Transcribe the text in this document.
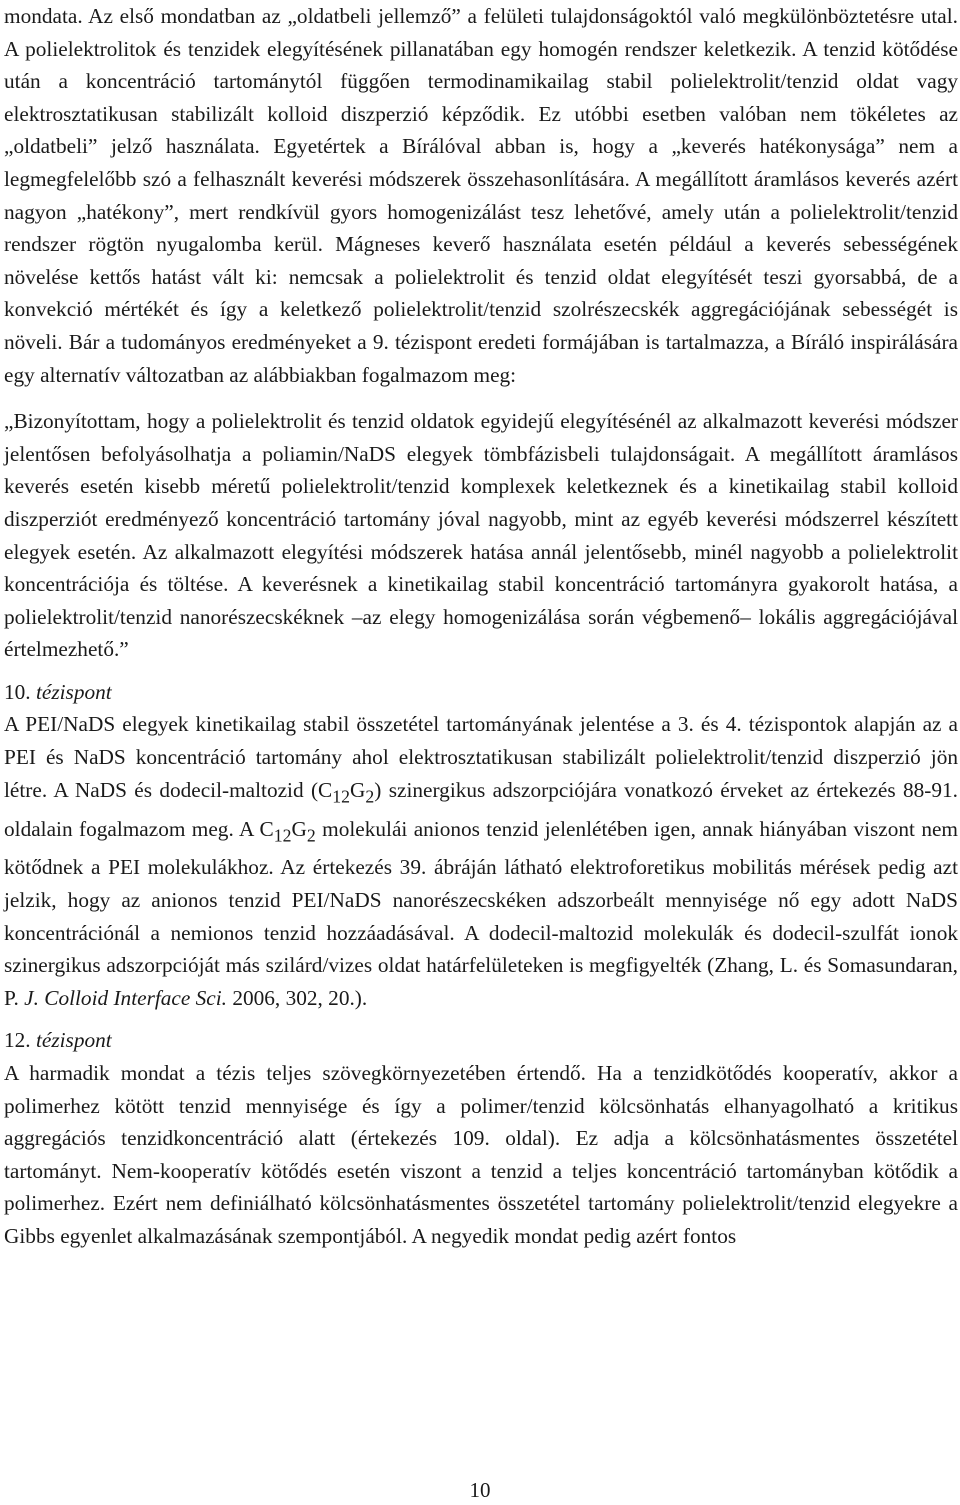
mondata. Az első mondatban az „oldatbeli jellemző” a felületi tulajdonságoktól való megkülönböztetésre utal. A polielektrolitok és tenzidek elegyítésének pillanatában egy homogén rendszer keletkezik. A tenzid kötődése után a koncentráció tartománytól függően termodinamikailag stabil polielektrolit/tenzid oldat vagy elektrosztatikusan stabilizált kolloid diszperzió képződik. Ez utóbbi esetben valóban nem tökéletes az „oldatbeli” jelző használata. Egyetértek a Bírálóval abban is, hogy a „keverés hatékonysága” nem a legmegfelelőbb szó a felhasznált keverési módszerek összehasonlítására. A megállított áramlásos keverés azért nagyon „hatékony”, mert rendkívül gyors homogenizálást tesz lehetővé, amely után a polielektrolit/tenzid rendszer rögtön nyugalomba kerül. Mágneses keverő használata esetén például a keverés sebességének növelése kettős hatást vált ki: nemcsak a polielektrolit és tenzid oldat elegyítését teszi gyorsabbá, de a konvekció mértékét és így a keletkező polielektrolit/tenzid szolrészecskék aggregációjának sebességét is növeli. Bár a tudományos eredményeket a 9. tézispont eredeti formájában is tartalmazza, a Bíráló inspirálására egy alternatív változatban az alábbiakban fogalmazom meg:

„Bizonyítottam, hogy a polielektrolit és tenzid oldatok egyidejű elegyítésénél az alkalmazott keverési módszer jelentősen befolyásolhatja a poliamin/NaDS elegyek tömbfázisbeli tulajdonságait. A megállított áramlásos keverés esetén kisebb méretű polielektrolit/tenzid komplexek keletkeznek és a kinetikailag stabil kolloid diszperziót eredményező koncentráció tartomány jóval nagyobb, mint az egyéb keverési módszerrel készített elegyek esetén. Az alkalmazott elegyítési módszerek hatása annál jelentősebb, minél nagyobb a polielektrolit koncentrációja és töltése. A keverésnek a kinetikailag stabil koncentráció tartományra gyakorolt hatása, a polielektrolit/tenzid nanorészecskéknek ‒az elegy homogenizálása során végbemenő‒ lokális aggregációjával értelmezhető.”

10. tézispont

A PEI/NaDS elegyek kinetikailag stabil összetétel tartományának jelentése a 3. és 4. tézispontok alapján az a PEI és NaDS koncentráció tartomány ahol elektrosztatikusan stabilizált polielektrolit/tenzid diszperzió jön létre. A NaDS és dodecil-maltozid $(C_{12}G_2)$ szinergikus adszorpciójára vonatkozó érveket az értekezés 88-91. oldalain fogalmazom meg. A $C_{12}G_2$ molekulái anionos tenzid jelenlétében igen, annak hiányában viszont nem kötődnek a PEI molekulákhoz. Az értekezés 39. ábráján látható elektroforetikus mobilitás mérések pedig azt jelzik, hogy az anionos tenzid PEI/NaDS nanorészecskéken adszorbeált mennyisége nő egy adott NaDS koncentrációnál a nemionos tenzid hozzáadásával. A dodecil-maltozid molekulák és dodecil-szulfát ionok szinergikus adszorpcióját más szilárd/vizes oldat határfelületeken is megfigyelték (Zhang, L. és Somasundaran, P. J. Colloid Interface Sci. 2006, 302, 20.).

12. tézispont

A harmadik mondat a tézis teljes szövegkörnyezetében értendő. Ha a tenzidkötődés kooperatív, akkor a polimerhez kötött tenzid mennyisége és így a polimer/tenzid kölcsönhatás elhanyagolható a kritikus aggregációs tenzidkoncentráció alatt (értekezés 109. oldal). Ez adja a kölcsönhatásmentes összetétel tartományt. Nem-kooperatív kötődés esetén viszont a tenzid a teljes koncentráció tartományban kötődik a polimerhez. Ezért nem definiálható kölcsönhatásmentes összetétel tartomány polielektrolit/tenzid elegyekre a Gibbs egyenlet alkalmazásának szempontjából. A negyedik mondat pedig azért fontos

10
